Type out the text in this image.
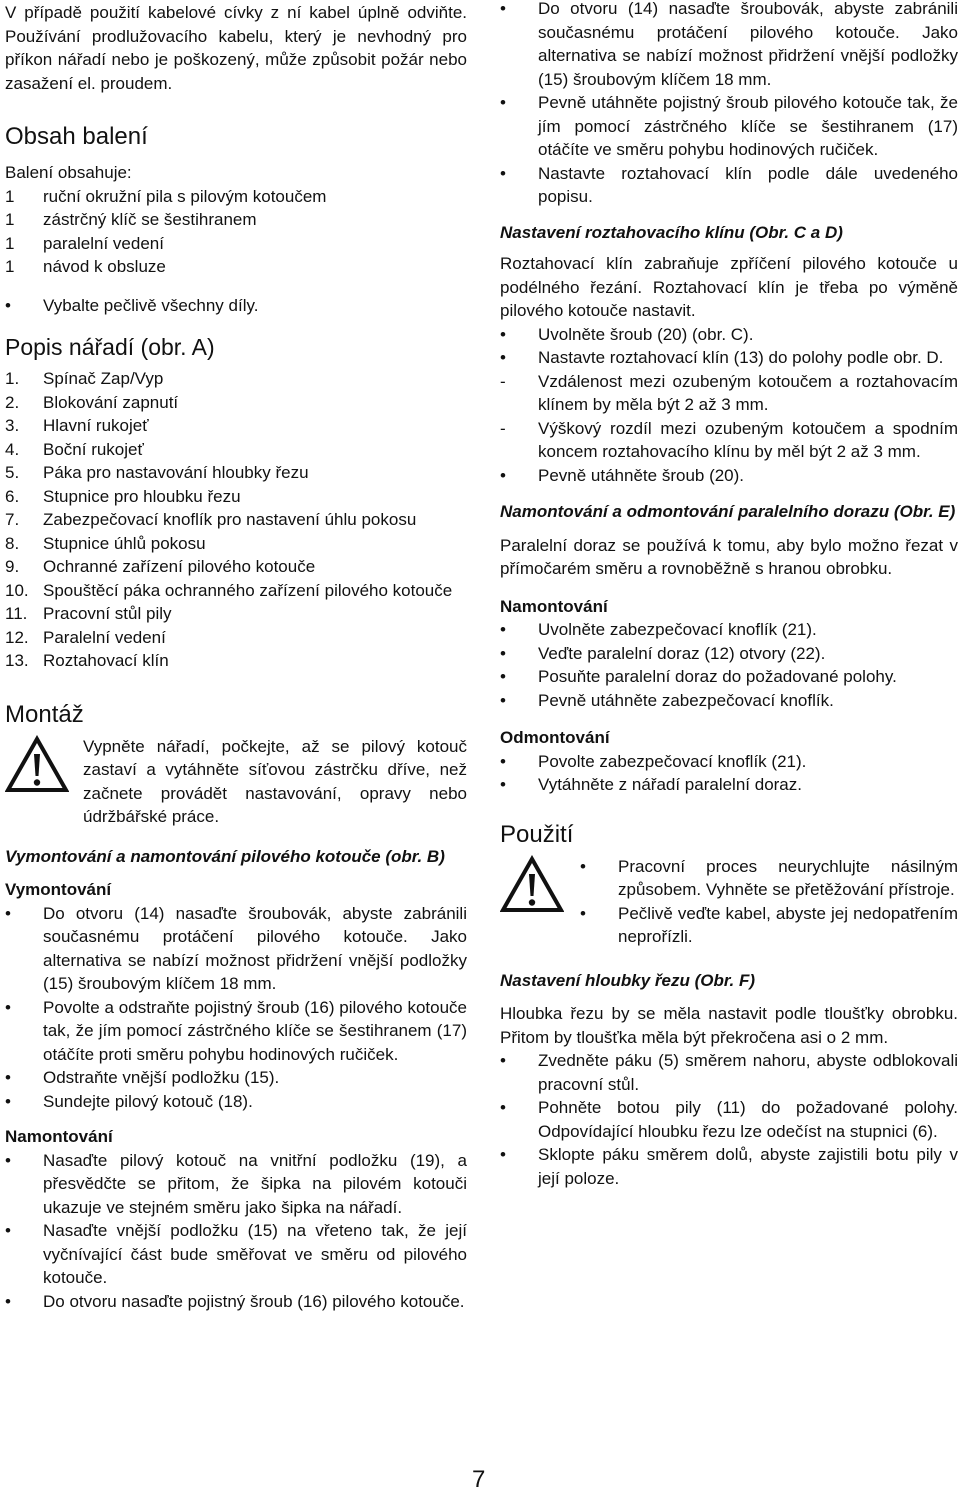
V případě použití kabelové cívky z ní kabel úplně odviňte. Používání prodlužovacího kabelu, který je nevhodný pro příkon nářadí nebo je poškozený, může způsobit požár nebo zasažení el. proudem.

Obsah balení

Balení obsahuje:

1	ruční okružní pila s pilovým kotoučem
1	zástrčný klíč se šestihranem
1	paralelní vedení
1	návod k obsluze
• Vybalte pečlivě všechny díly.
Popis nářadí (obr. A)
1. Spínač Zap/Vyp
2. Blokování zapnutí
3. Hlavní rukojeť
4. Boční rukojeť
5. Páka pro nastavování hloubky řezu
6. Stupnice pro hloubku řezu
7. Zabezpečovací knoflík pro nastavení úhlu pokosu
8. Stupnice úhlů pokosu
9. Ochranné zařízení pilového kotouče
10. Spouštěcí páka ochranného zařízení pilového kotouče
11. Pracovní stůl pily
12. Paralelní vedení
13. Roztahovací klín
Montáž

Vypněte nářadí, počkejte, až se pilový kotouč zastaví a vytáhněte síťovou zástrčku dříve, než začnete provádět nastavování, opravy nebo údržbářské práce.

Vymontování a namontování pilového kotouče (obr. B)
Vymontování
• Do otvoru (14) nasaďte šroubovák, abyste zabránili současnému protáčení pilového kotouče. Jako alternativa se nabízí možnost přidržení vnější podložky (15) šroubovým klíčem 18 mm.
• Povolte a odstraňte pojistný šroub (16) pilového kotouče tak, že jím pomocí zástrčného klíče se šestihranem (17) otáčíte proti směru pohybu hodinových ručiček.
• Odstraňte vnější podložku (15).
• Sundejte pilový kotouč (18).
Namontování
• Nasaďte pilový kotouč na vnitřní podložku (19), a přesvědčte se přitom, že šipka na pilovém kotouči ukazuje ve stejném směru jako šipka na nářadí.
• Nasaďte vnější podložku (15) na vřeteno tak, že její vyčnívající část bude směřovat ve směru od pilového kotouče.
• Do otvoru nasaďte pojistný šroub (16) pilového kotouče.
• Do otvoru (14) nasaďte šroubovák, abyste zabránili současnému protáčení pilového kotouče. Jako alternativa se nabízí možnost přidržení vnější podložky (15) šroubovým klíčem 18 mm.
• Pevně utáhněte pojistný šroub pilového kotouče tak, že jím pomocí zástrčného klíče se šestihranem (17) otáčíte ve směru pohybu hodinových ručiček.
• Nastavte roztahovací klín podle dále uvedeného popisu.
Nastavení roztahovacího klínu (Obr. C a D)

Roztahovací klín zabraňuje zpříčení pilového kotouče u podélného řezání. Roztahovací klín je třeba po výměně pilového kotouče nastavit.

• Uvolněte šroub (20) (obr. C).
• Nastavte roztahovací klín (13) do polohy podle obr. D.
- Vzdálenost mezi ozubeným kotoučem a roztahovacím klínem by měla být 2 až 3 mm.
- Výškový rozdíl mezi ozubeným kotoučem a spodním koncem roztahovacího klínu by měl být 2 až 3 mm.
• Pevně utáhněte šroub (20).
Namontování a odmontování paralelního dorazu (Obr. E)

Paralelní doraz se používá k tomu, aby bylo možno řezat v přímočarém směru a rovnoběžně s hranou obrobku.

Namontování
• Uvolněte zabezpečovací knoflík (21).
• Veďte paralelní doraz (12) otvory (22).
• Posuňte paralelní doraz do požadované polohy.
• Pevně utáhněte zabezpečovací knoflík.
Odmontování
• Povolte zabezpečovací knoflík (21).
• Vytáhněte z nářadí paralelní doraz.
Použití
• Pracovní proces neurychlujte násilným způsobem. Vyhněte se přetěžování přístroje.
• Pečlivě veďte kabel, abyste jej nedopatřením neprořízli.
Nastavení hloubky řezu (Obr. F)

Hloubka řezu by se měla nastavit podle tloušťky obrobku. Přitom by tloušťka měla být překročena asi o 2 mm.

• Zvedněte páku (5) směrem nahoru, abyste odblokovali pracovní stůl.
• Pohněte botou pily (11) do požadované polohy. Odpovídající hloubku řezu lze odečíst na stupnici (6).
• Sklopte páku směrem dolů, abyste zajistili botu pily v její poloze.
7
